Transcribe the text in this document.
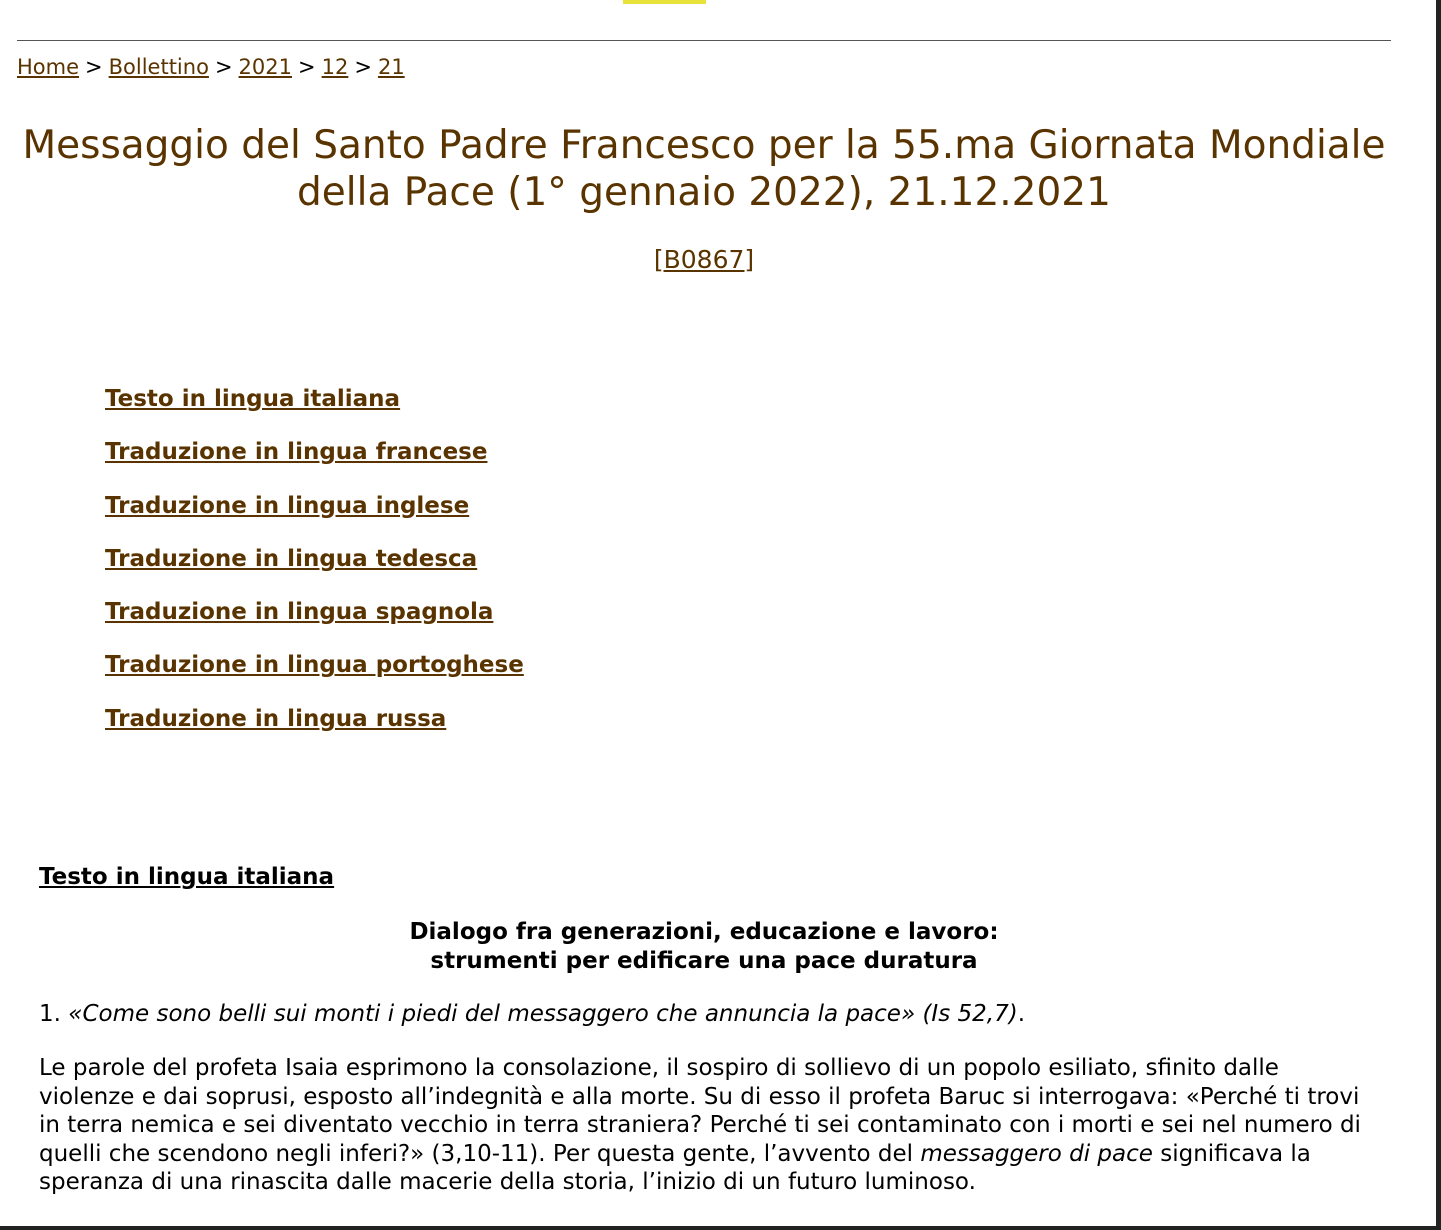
Home > Bollettino > 2021 > 12 > 21
Messaggio del Santo Padre Francesco per la 55.ma Giornata Mondiale della Pace (1° gennaio 2022), 21.12.2021
[B0867]
Testo in lingua italiana
Traduzione in lingua francese
Traduzione in lingua inglese
Traduzione in lingua tedesca
Traduzione in lingua spagnola
Traduzione in lingua portoghese
Traduzione in lingua russa
Testo in lingua italiana
Dialogo fra generazioni, educazione e lavoro:
strumenti per edificare una pace duratura

1. «Come sono belli sui monti i piedi del messaggero che annuncia la pace» (Is 52,7).

Le parole del profeta Isaia esprimono la consolazione, il sospiro di sollievo di un popolo esiliato, sfinito dalle violenze e dai soprusi, esposto all’indegnità e alla morte. Su di esso il profeta Baruc si interrogava: «Perché ti trovi in terra nemica e sei diventato vecchio in terra straniera? Perché ti sei contaminato con i morti e sei nel numero di quelli che scendono negli inferi?» (3,10-11). Per questa gente, l’avvento del messaggero di pace significava la speranza di una rinascita dalle macerie della storia, l’inizio di un futuro luminoso.
